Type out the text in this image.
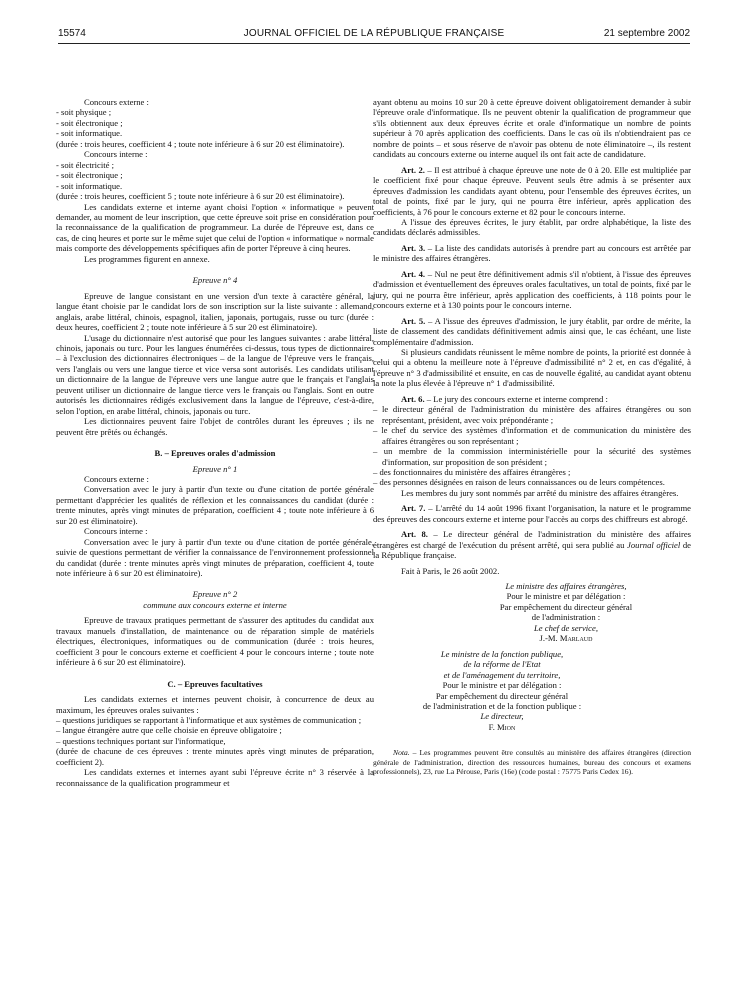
15574	JOURNAL OFFICIEL DE LA RÉPUBLIQUE FRANÇAISE	21 septembre 2002

Concours externe :

- soit physique ;

- soit électronique ;

- soit informatique.

(durée : trois heures, coefficient 4 ; toute note inférieure à 6 sur 20 est éliminatoire).

Concours interne :

- soit électricité ;

- soit électronique ;

- soit informatique.

(durée : trois heures, coefficient 5 ; toute note inférieure à 6 sur 20 est éliminatoire).

Les candidats externe et interne ayant choisi l'option « informatique » peuvent demander, au moment de leur inscription, que cette épreuve soit prise en considération pour la reconnaissance de la qualification de programmeur. La durée de l'épreuve est, dans ce cas, de cinq heures et porte sur le même sujet que celui de l'option « informatique » normale mais comporte des développements spécifiques afin de porter l'épreuve à cinq heures.

Les programmes figurent en annexe.

Epreuve n° 4

Epreuve de langue consistant en une version d'un texte à caractère général, la langue étant choisie par le candidat lors de son inscription sur la liste suivante : allemand, anglais, arabe littéral, chinois, espagnol, italien, japonais, portugais, russe ou turc (durée : deux heures, coefficient 2 ; toute note inférieure à 5 sur 20 est éliminatoire).

L'usage du dictionnaire n'est autorisé que pour les langues suivantes : arabe littéral, chinois, japonais ou turc. Pour les langues énumérées ci-dessus, tous types de dictionnaires – à l'exclusion des dictionnaires électroniques – de la langue de l'épreuve vers le français, vers l'anglais ou vers une langue tierce et vice versa sont autorisés. Les candidats utilisant un dictionnaire de la langue de l'épreuve vers une langue autre que le français et l'anglais peuvent utiliser un dictionnaire de langue tierce vers le français ou l'anglais. Sont en outre autorisés les dictionnaires rédigés exclusivement dans la langue de l'épreuve, c'est-à-dire, selon l'option, en arabe littéral, chinois, japonais ou turc.

Les dictionnaires peuvent faire l'objet de contrôles durant les épreuves ; ils ne peuvent être prêtés ou échangés.

B. – Epreuves orales d'admission

Epreuve n° 1

Concours externe :

Conversation avec le jury à partir d'un texte ou d'une citation de portée générale permettant d'apprécier les qualités de réflexion et les connaissances du candidat (durée : trente minutes, après vingt minutes de préparation, coefficient 4 ; toute note inférieure à 6 sur 20 est éliminatoire).

Concours interne :

Conversation avec le jury à partir d'un texte ou d'une citation de portée générale, suivie de questions permettant de vérifier la connaissance de l'environnement professionnel du candidat (durée : trente minutes après vingt minutes de préparation, coefficient 4, toute note inférieure à 6 sur 20 est éliminatoire).

Epreuve n° 2

commune aux concours externe et interne

Epreuve de travaux pratiques permettant de s'assurer des aptitudes du candidat aux travaux manuels d'installation, de maintenance ou de réparation simple de matériels électriques, électroniques, informatiques ou de communication (durée : trois heures, coefficient 3 pour le concours externe et coefficient 4 pour le concours interne ; toute note inférieure à 6 sur 20 est éliminatoire).

C. – Epreuves facultatives

Les candidats externes et internes peuvent choisir, à concurrence de deux au maximum, les épreuves orales suivantes :

– questions juridiques se rapportant à l'informatique et aux systèmes de communication ;

– langue étrangère autre que celle choisie en épreuve obligatoire ;

– questions techniques portant sur l'informatique,

(durée de chacune de ces épreuves : trente minutes après vingt minutes de préparation, coefficient 2).

Les candidats externes et internes ayant subi l'épreuve écrite n° 3 réservée à la reconnaissance de la qualification programmeur et

ayant obtenu au moins 10 sur 20 à cette épreuve doivent obligatoirement demander à subir l'épreuve orale d'informatique. Ils ne peuvent obtenir la qualification de programmeur que s'ils obtiennent aux deux épreuves écrite et orale d'informatique un nombre de points supérieur à 70 après application des coefficients. Dans le cas où ils n'obtiendraient pas ce nombre de points – et sous réserve de n'avoir pas obtenu de note éliminatoire –, ils restent candidats au concours externe ou interne auquel ils ont fait acte de candidature.

Art. 2. – Il est attribué à chaque épreuve une note de 0 à 20. Elle est multipliée par le coefficient fixé pour chaque épreuve. Peuvent seuls être admis à se présenter aux épreuves d'admission les candidats ayant obtenu, pour l'ensemble des épreuves écrites, un total de points, fixé par le jury, qui ne pourra être inférieur, après application des coefficients, à 76 pour le concours externe et 82 pour le concours interne.

A l'issue des épreuves écrites, le jury établit, par ordre alphabétique, la liste des candidats déclarés admissibles.

Art. 3. – La liste des candidats autorisés à prendre part au concours est arrêtée par le ministre des affaires étrangères.

Art. 4. – Nul ne peut être définitivement admis s'il n'obtient, à l'issue des épreuves d'admission et éventuellement des épreuves orales facultatives, un total de points, fixé par le jury, qui ne pourra être inférieur, après application des coefficients, à 118 points pour le concours externe et à 130 points pour le concours interne.

Art. 5. – A l'issue des épreuves d'admission, le jury établit, par ordre de mérite, la liste de classement des candidats définitivement admis ainsi que, le cas échéant, une liste complémentaire d'admission.

Si plusieurs candidats réunissent le même nombre de points, la priorité est donnée à celui qui a obtenu la meilleure note à l'épreuve d'admissibilité n° 2 et, en cas d'égalité, à l'épreuve n° 3 d'admissibilité et ensuite, en cas de nouvelle égalité, au candidat ayant obtenu la note la plus élevée à l'épreuve n° 1 d'admissibilité.

Art. 6. – Le jury des concours externe et interne comprend :

– le directeur général de l'administration du ministère des affaires étrangères ou son représentant, président, avec voix prépondérante ;

– le chef du service des systèmes d'information et de communication du ministère des affaires étrangères ou son représentant ;

– un membre de la commission interministérielle pour la sécurité des systèmes d'information, sur proposition de son président ;

– des fonctionnaires du ministère des affaires étrangères ;

– des personnes désignées en raison de leurs connaissances ou de leurs compétences.

Les membres du jury sont nommés par arrêté du ministre des affaires étrangères.

Art. 7. – L'arrêté du 14 août 1996 fixant l'organisation, la nature et le programme des épreuves des concours externe et interne pour l'accès au corps des chiffreurs est abrogé.

Art. 8. – Le directeur général de l'administration du ministère des affaires étrangères est chargé de l'exécution du présent arrêté, qui sera publié au Journal officiel de la République française.

Fait à Paris, le 26 août 2002.

Le ministre des affaires étrangères,

Pour le ministre et par délégation :

Par empêchement du directeur général

de l'administration :

Le chef de service,

J.-M. Marlaud

Le ministre de la fonction publique,

de la réforme de l'Etat

et de l'aménagement du territoire,

Pour le ministre et par délégation :

Par empêchement du directeur général

de l'administration et de la fonction publique :

Le directeur,

F. Mion

Nota. – Les programmes peuvent être consultés au ministère des affaires étrangères (direction générale de l'administration, direction des ressources humaines, bureau des concours et examens professionnels), 23, rue La Pérouse, Paris (16e) (code postal : 75775 Paris Cedex 16).
